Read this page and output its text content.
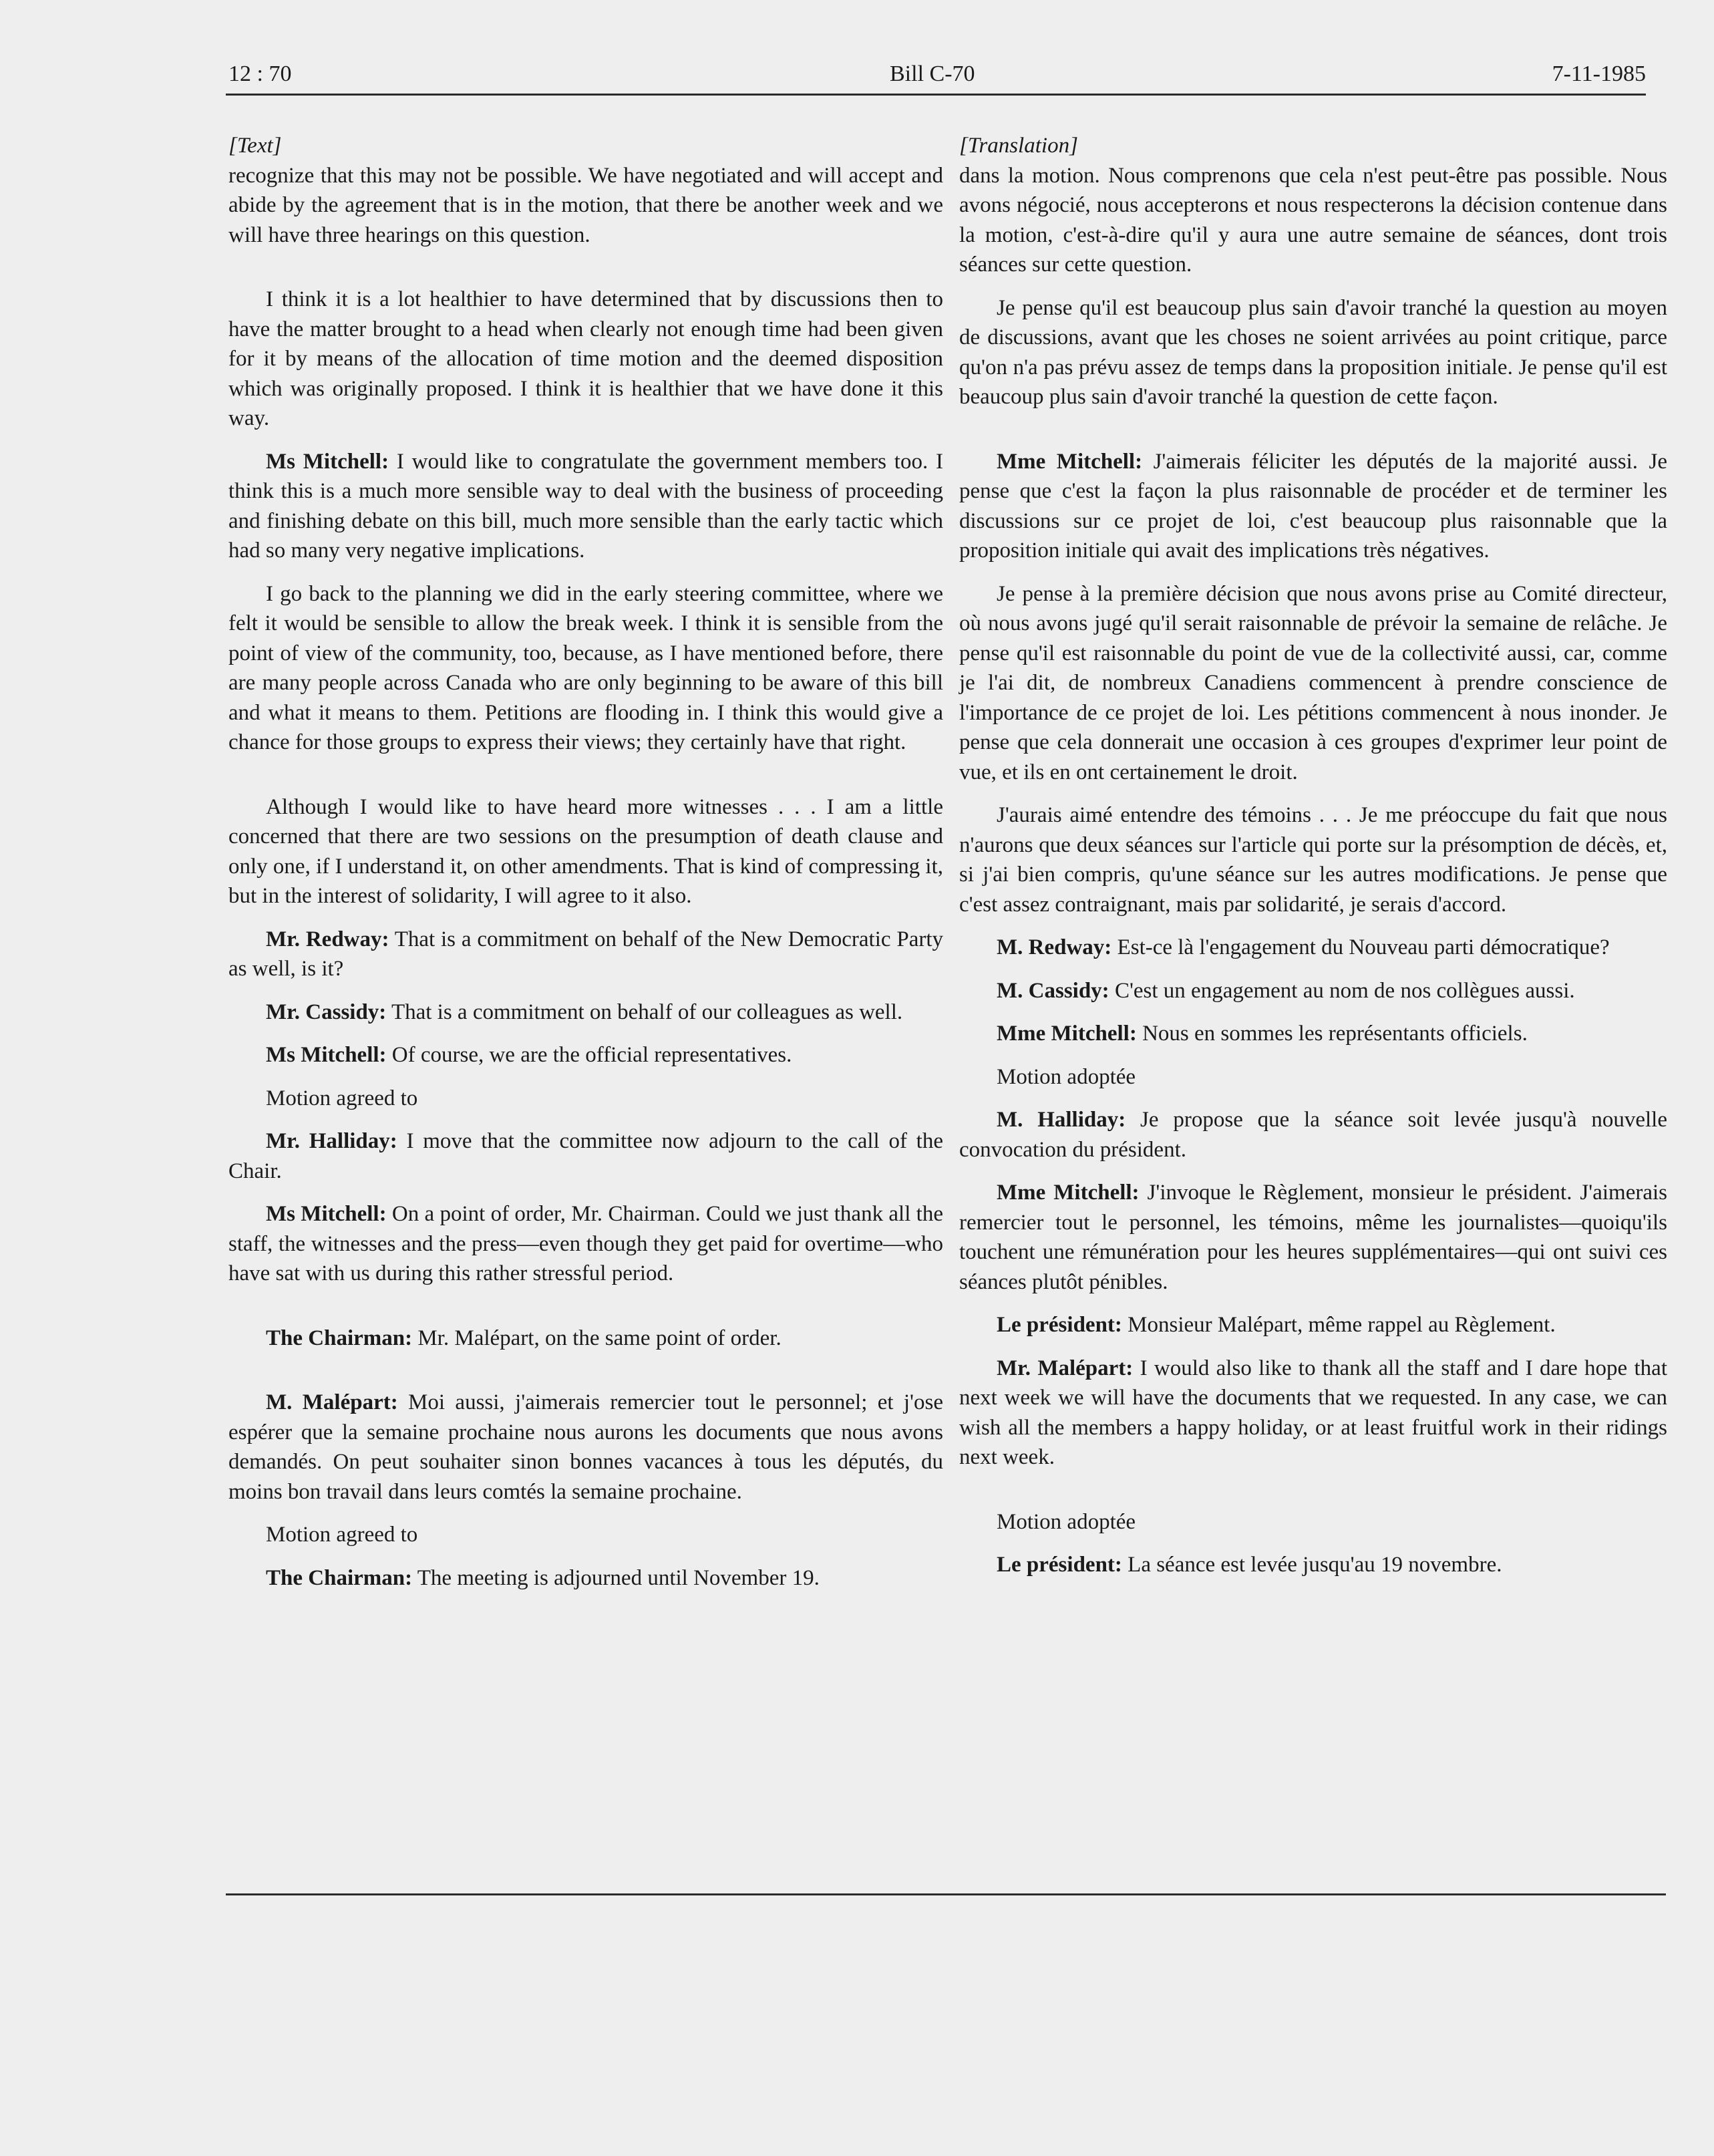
12 : 70	Bill C-70	7-11-1985

[Text]

recognize that this may not be possible. We have negotiated and will accept and abide by the agreement that is in the motion, that there be another week and we will have three hearings on this question.

I think it is a lot healthier to have determined that by discussions then to have the matter brought to a head when clearly not enough time had been given for it by means of the allocation of time motion and the deemed disposition which was originally proposed. I think it is healthier that we have done it this way.

Ms Mitchell: I would like to congratulate the government members too. I think this is a much more sensible way to deal with the business of proceeding and finishing debate on this bill, much more sensible than the early tactic which had so many very negative implications.

I go back to the planning we did in the early steering committee, where we felt it would be sensible to allow the break week. I think it is sensible from the point of view of the community, too, because, as I have mentioned before, there are many people across Canada who are only beginning to be aware of this bill and what it means to them. Petitions are flooding in. I think this would give a chance for those groups to express their views; they certainly have that right.

Although I would like to have heard more witnesses . . . I am a little concerned that there are two sessions on the presumption of death clause and only one, if I understand it, on other amendments. That is kind of compressing it, but in the interest of solidarity, I will agree to it also.

Mr. Redway: That is a commitment on behalf of the New Democratic Party as well, is it?

Mr. Cassidy: That is a commitment on behalf of our colleagues as well.

Ms Mitchell: Of course, we are the official representatives.

Motion agreed to

Mr. Halliday: I move that the committee now adjourn to the call of the Chair.

Ms Mitchell: On a point of order, Mr. Chairman. Could we just thank all the staff, the witnesses and the press—even though they get paid for overtime—who have sat with us during this rather stressful period.

The Chairman: Mr. Malépart, on the same point of order.

M. Malépart: Moi aussi, j'aimerais remercier tout le personnel; et j'ose espérer que la semaine prochaine nous aurons les documents que nous avons demandés. On peut souhaiter sinon bonnes vacances à tous les députés, du moins bon travail dans leurs comtés la semaine prochaine.

Motion agreed to

The Chairman: The meeting is adjourned until November 19.

[Translation]

dans la motion. Nous comprenons que cela n'est peut-être pas possible. Nous avons négocié, nous accepterons et nous respecterons la décision contenue dans la motion, c'est-à-dire qu'il y aura une autre semaine de séances, dont trois séances sur cette question.

Je pense qu'il est beaucoup plus sain d'avoir tranché la question au moyen de discussions, avant que les choses ne soient arrivées au point critique, parce qu'on n'a pas prévu assez de temps dans la proposition initiale. Je pense qu'il est beaucoup plus sain d'avoir tranché la question de cette façon.

Mme Mitchell: J'aimerais féliciter les députés de la majorité aussi. Je pense que c'est la façon la plus raisonnable de procéder et de terminer les discussions sur ce projet de loi, c'est beaucoup plus raisonnable que la proposition initiale qui avait des implications très négatives.

Je pense à la première décision que nous avons prise au Comité directeur, où nous avons jugé qu'il serait raisonnable de prévoir la semaine de relâche. Je pense qu'il est raisonnable du point de vue de la collectivité aussi, car, comme je l'ai dit, de nombreux Canadiens commencent à prendre conscience de l'importance de ce projet de loi. Les pétitions commencent à nous inonder. Je pense que cela donnerait une occasion à ces groupes d'exprimer leur point de vue, et ils en ont certainement le droit.

J'aurais aimé entendre des témoins . . . Je me préoccupe du fait que nous n'aurons que deux séances sur l'article qui porte sur la présomption de décès, et, si j'ai bien compris, qu'une séance sur les autres modifications. Je pense que c'est assez contraignant, mais par solidarité, je serais d'accord.

M. Redway: Est-ce là l'engagement du Nouveau parti démocratique?

M. Cassidy: C'est un engagement au nom de nos collègues aussi.

Mme Mitchell: Nous en sommes les représentants officiels.

Motion adoptée

M. Halliday: Je propose que la séance soit levée jusqu'à nouvelle convocation du président.

Mme Mitchell: J'invoque le Règlement, monsieur le président. J'aimerais remercier tout le personnel, les témoins, même les journalistes—quoiqu'ils touchent une rémunération pour les heures supplémentaires—qui ont suivi ces séances plutôt pénibles.

Le président: Monsieur Malépart, même rappel au Règlement.

Mr. Malépart: I would also like to thank all the staff and I dare hope that next week we will have the documents that we requested. In any case, we can wish all the members a happy holiday, or at least fruitful work in their ridings next week.

Motion adoptée

Le président: La séance est levée jusqu'au 19 novembre.
